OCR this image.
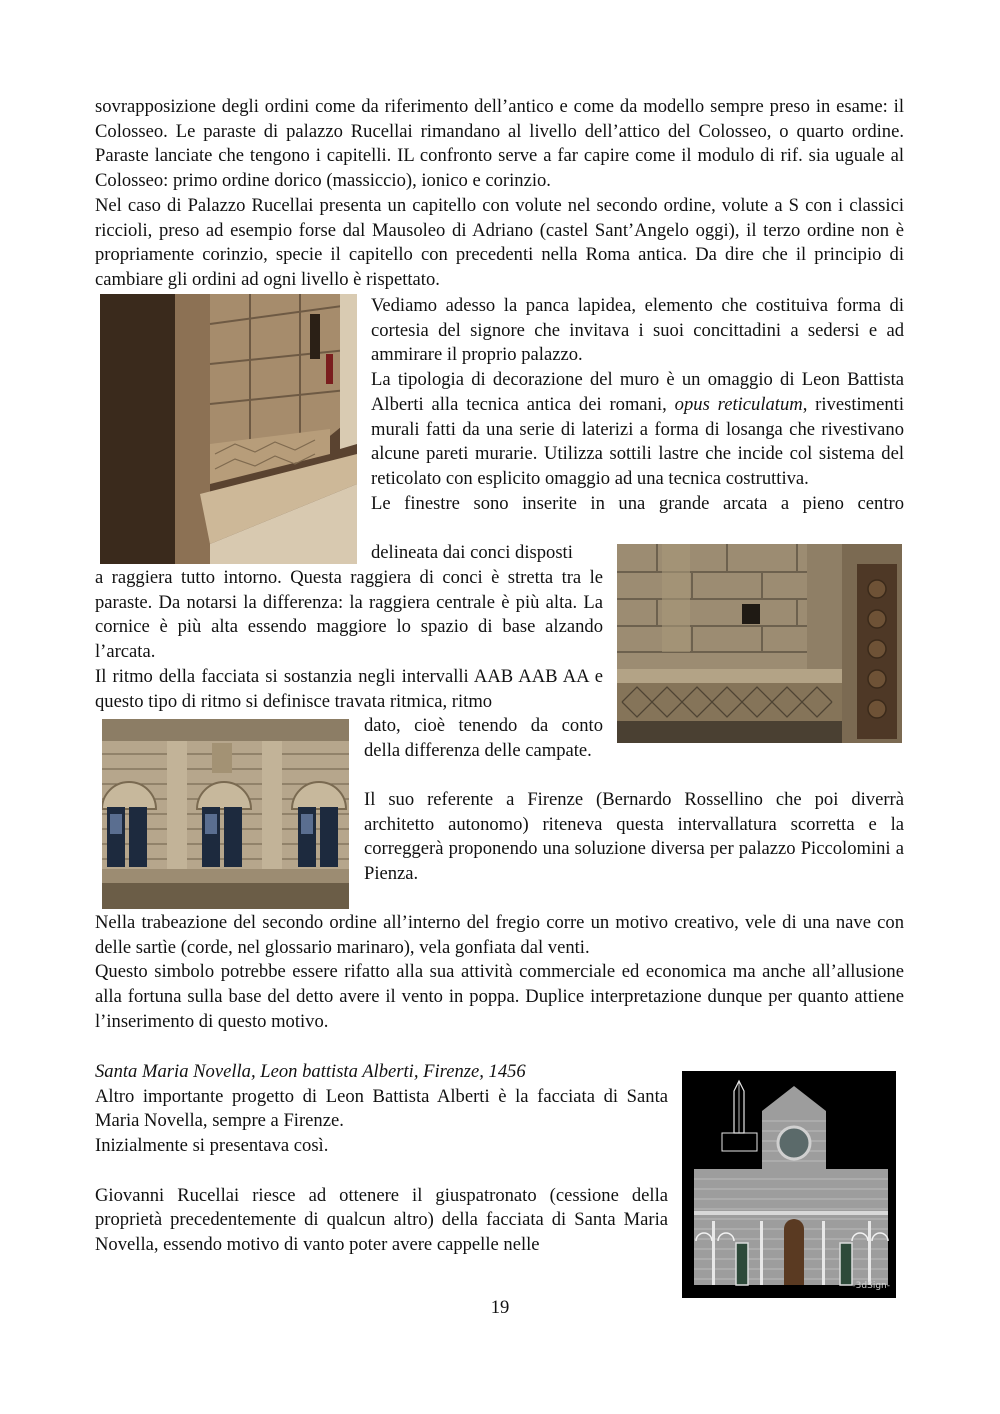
sovrapposizione degli ordini come da riferimento dell’antico e come da modello sempre preso in esame: il Colosseo. Le paraste di palazzo Rucellai rimandano al livello dell’attico del Colosseo, o quarto ordine. Paraste lanciate che tengono i capitelli. IL confronto serve a far capire come il modulo di rif. sia uguale al Colosseo: primo ordine dorico (massiccio), ionico e corinzio.

Nel caso di Palazzo Rucellai presenta un capitello con volute nel secondo ordine, volute a S con i classici riccioli, preso ad esempio forse dal Mausoleo di Adriano (castel Sant’Angelo oggi), il terzo ordine non è propriamente corinzio, specie il capitello con precedenti nella Roma antica. Da dire che il principio di cambiare gli ordini ad ogni livello è rispettato.

Vediamo adesso la panca lapidea, elemento che costituiva forma di cortesia del signore che invitava i suoi concittadini a sedersi e ad ammirare il proprio palazzo.

La tipologia di decorazione del muro è un omaggio di Leon Battista Alberti alla tecnica antica dei romani, opus reticulatum, rivestimenti murali fatti da una serie di laterizi a forma di losanga che rivestivano alcune pareti murarie. Utilizza sottili lastre che incide col sistema del reticolato con esplicito omaggio ad una tecnica costruttiva.

Le finestre sono inserite in una grande arcata a pieno centro

delineata dai conci disposti

a raggiera tutto intorno. Questa raggiera di conci è stretta tra le paraste. Da notarsi la differenza: la raggiera centrale è più alta. La cornice è più alta essendo maggiore lo spazio di base alzando l’arcata.

Il ritmo della facciata si sostanzia negli intervalli AAB AAB AA e questo tipo di ritmo si definisce travata ritmica, ritmo

dato, cioè tenendo da conto della differenza delle campate.

Il suo referente a Firenze (Bernardo Rossellino che poi diverrà architetto autonomo) riteneva questa intervallatura scorretta e la correggerà proponendo una soluzione diversa per palazzo Piccolomini a Pienza.

Nella trabeazione del secondo ordine all’interno del fregio corre un motivo creativo, vele di una nave con delle sartìe (corde, nel glossario marinaro), vela gonfiata dal venti.

Questo simbolo potrebbe essere rifatto alla sua attività commerciale ed economica ma anche all’allusione alla fortuna sulla base del detto avere il vento in poppa. Duplice interpretazione dunque per quanto attiene l’inserimento di questo motivo.

Santa Maria Novella, Leon battista Alberti, Firenze, 1456

Altro importante progetto di Leon Battista Alberti è la facciata di Santa Maria Novella, sempre a Firenze.

Inizialmente si presentava così.

Giovanni Rucellai riesce ad ottenere il giuspatronato (cessione della proprietà precedentemente di qualcun altro) della facciata di Santa Maria Novella, essendo motivo di vanto poter avere cappelle nelle

-3dSign-
19
